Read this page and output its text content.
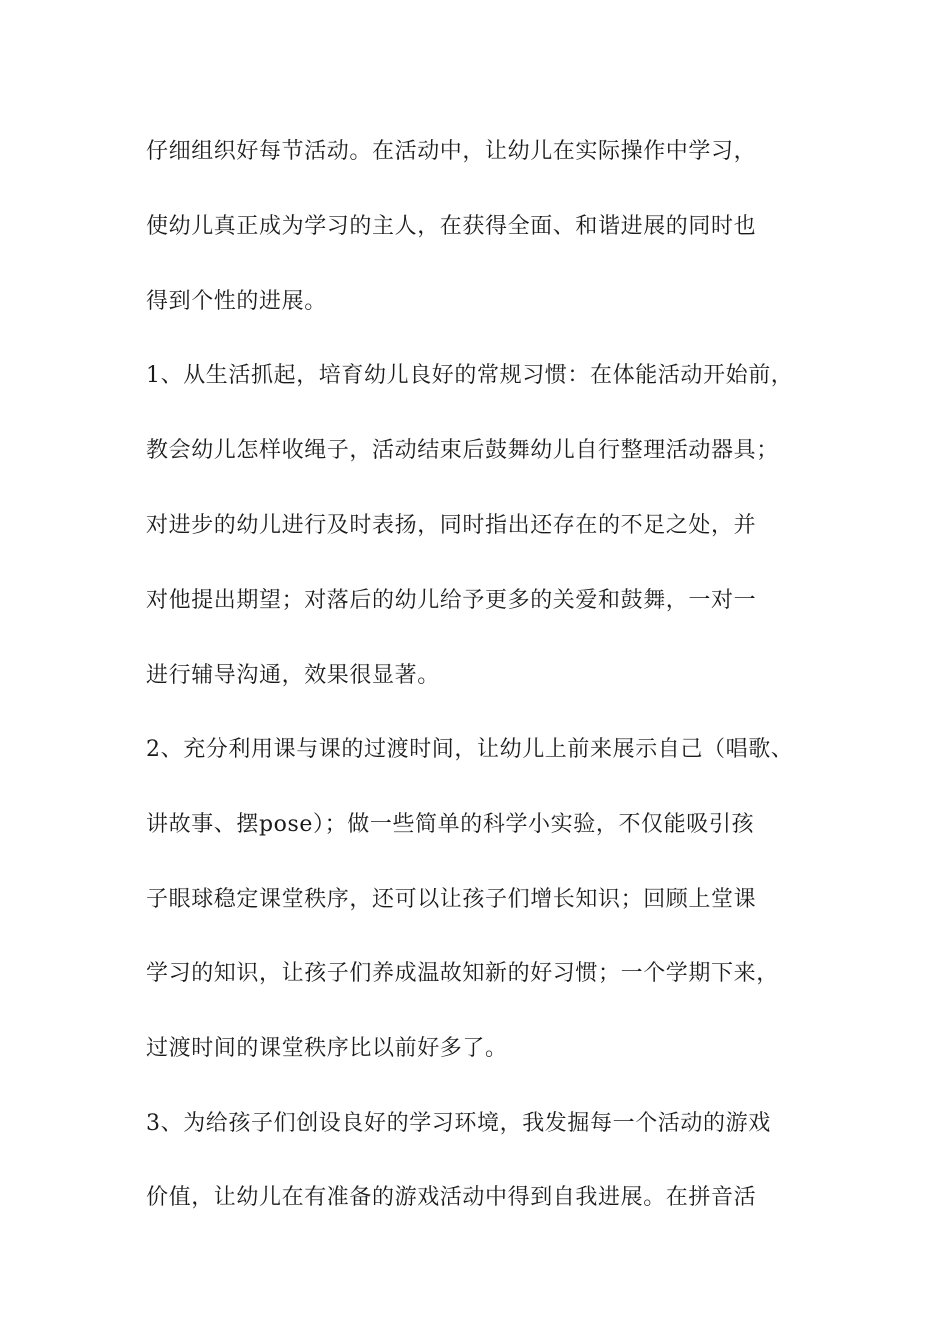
仔细组织好每节活动。在活动中，让幼儿在实际操作中学习，
使幼儿真正成为学习的主人，在获得全面、和谐进展的同时也
得到个性的进展。
1、从生活抓起，培育幼儿良好的常规习惯：在体能活动开始前，
教会幼儿怎样收绳子，活动结束后鼓舞幼儿自行整理活动器具；
对进步的幼儿进行及时表扬，同时指出还存在的不足之处，并
对他提出期望；对落后的幼儿给予更多的关爱和鼓舞，一对一
进行辅导沟通，效果很显著。
2、充分利用课与课的过渡时间，让幼儿上前来展示自己（唱歌、
讲故事、摆pose）；做一些简单的科学小实验，不仅能吸引孩
子眼球稳定课堂秩序，还可以让孩子们增长知识；回顾上堂课
学习的知识，让孩子们养成温故知新的好习惯；一个学期下来，
过渡时间的课堂秩序比以前好多了。
3、为给孩子们创设良好的学习环境，我发掘每一个活动的游戏
价值，让幼儿在有准备的游戏活动中得到自我进展。在拼音活
